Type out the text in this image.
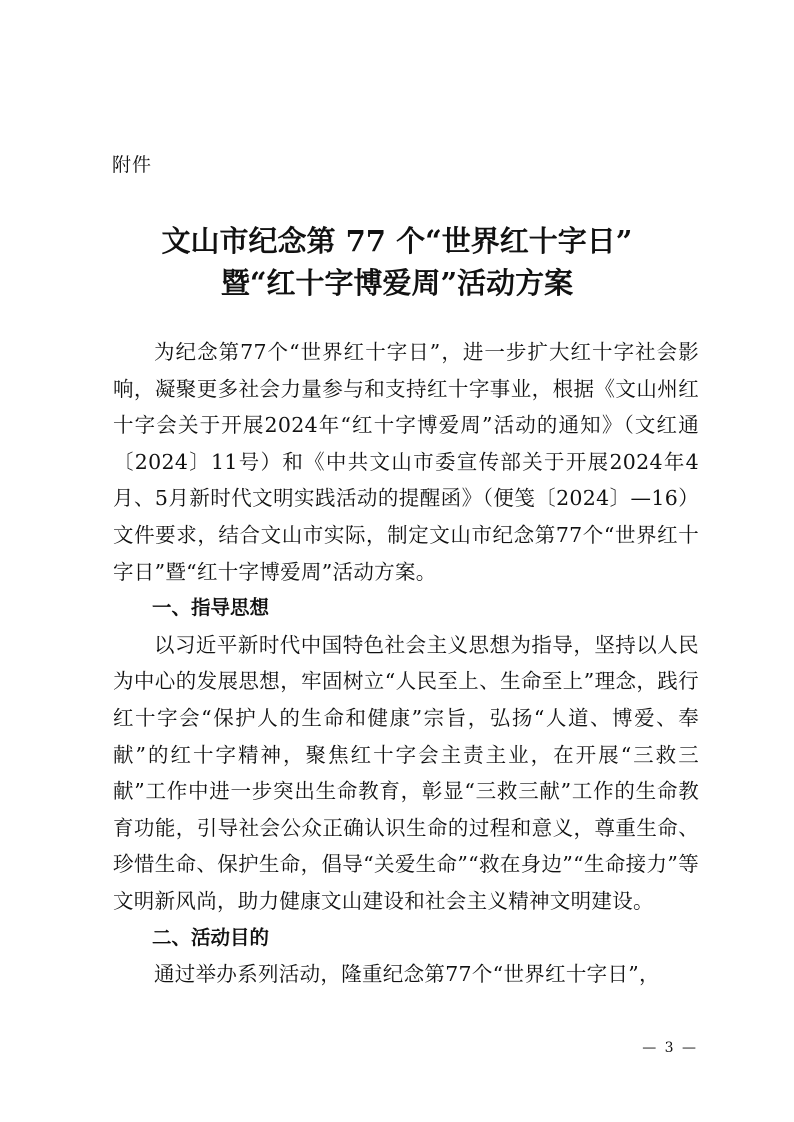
附件
文山市纪念第 77 个“世界红十字日”
暨“红十字博爱周”活动方案

为纪念第77个“世界红十字日”，进一步扩大红十字社会影响，凝聚更多社会力量参与和支持红十字事业，根据《文山州红十字会关于开展2024年“红十字博爱周”活动的通知》（文红通〔2024〕11号）和《中共文山市委宣传部关于开展2024年4月、5月新时代文明实践活动的提醒函》（便笺〔2024〕—16）文件要求，结合文山市实际，制定文山市纪念第77个“世界红十字日”暨“红十字博爱周”活动方案。

一、指导思想

以习近平新时代中国特色社会主义思想为指导，坚持以人民为中心的发展思想，牢固树立“人民至上、生命至上”理念，践行红十字会“保护人的生命和健康”宗旨，弘扬“人道、博爱、奉献”的红十字精神，聚焦红十字会主责主业，在开展“三救三献”工作中进一步突出生命教育，彰显“三救三献”工作的生命教育功能，引导社会公众正确认识生命的过程和意义，尊重生命、珍惜生命、保护生命，倡导“关爱生命”“救在身边”“生命接力”等文明新风尚，助力健康文山建设和社会主义精神文明建设。

二、活动目的

通过举办系列活动，隆重纪念第77个“世界红十字日”，

— 3 —
